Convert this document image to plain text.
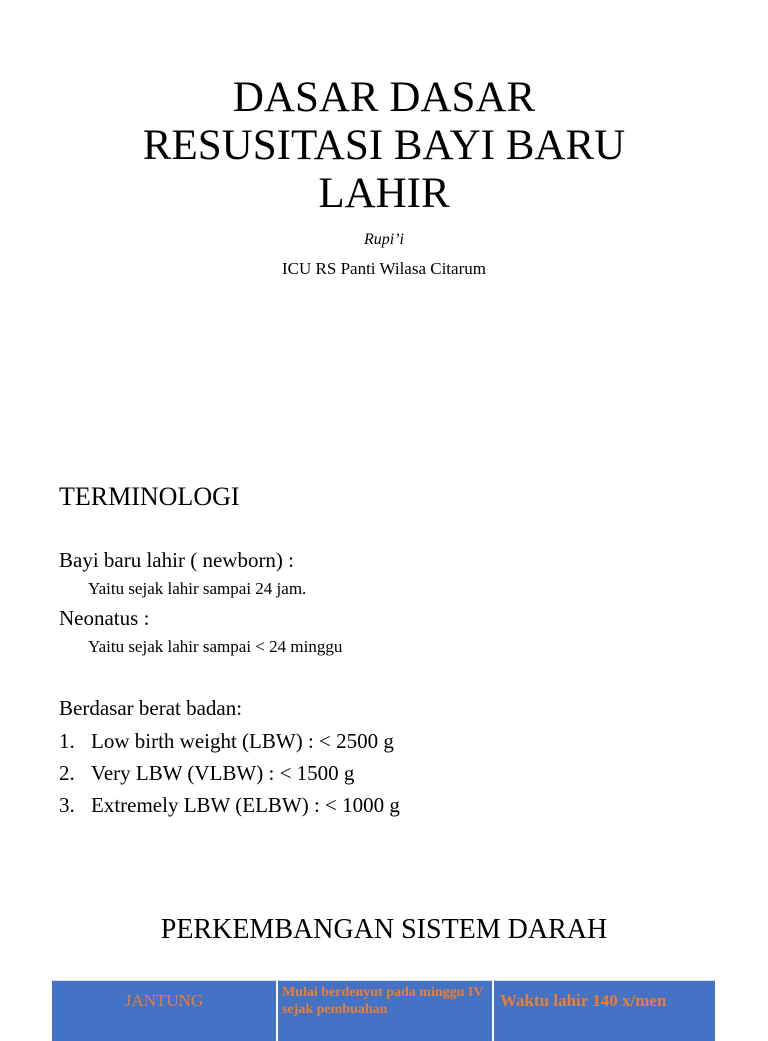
DASAR DASAR
RESUSITASI BAYI BARU
LAHIR
Rupi’i
ICU RS Panti Wilasa Citarum
TERMINOLOGI
Bayi baru lahir ( newborn) :
Yaitu sejak lahir sampai 24 jam.
Neonatus :
Yaitu sejak lahir sampai < 24 minggu
Berdasar berat badan:
1. Low birth weight (LBW) : < 2500 g
2. Very LBW (VLBW) : < 1500 g
3. Extremely LBW (ELBW) : < 1000 g
PERKEMBANGAN SISTEM DARAH
JANTUNG	Mulai berdenyut pada minggu IV sejak pembuahan	Waktu lahir 140 x/men
